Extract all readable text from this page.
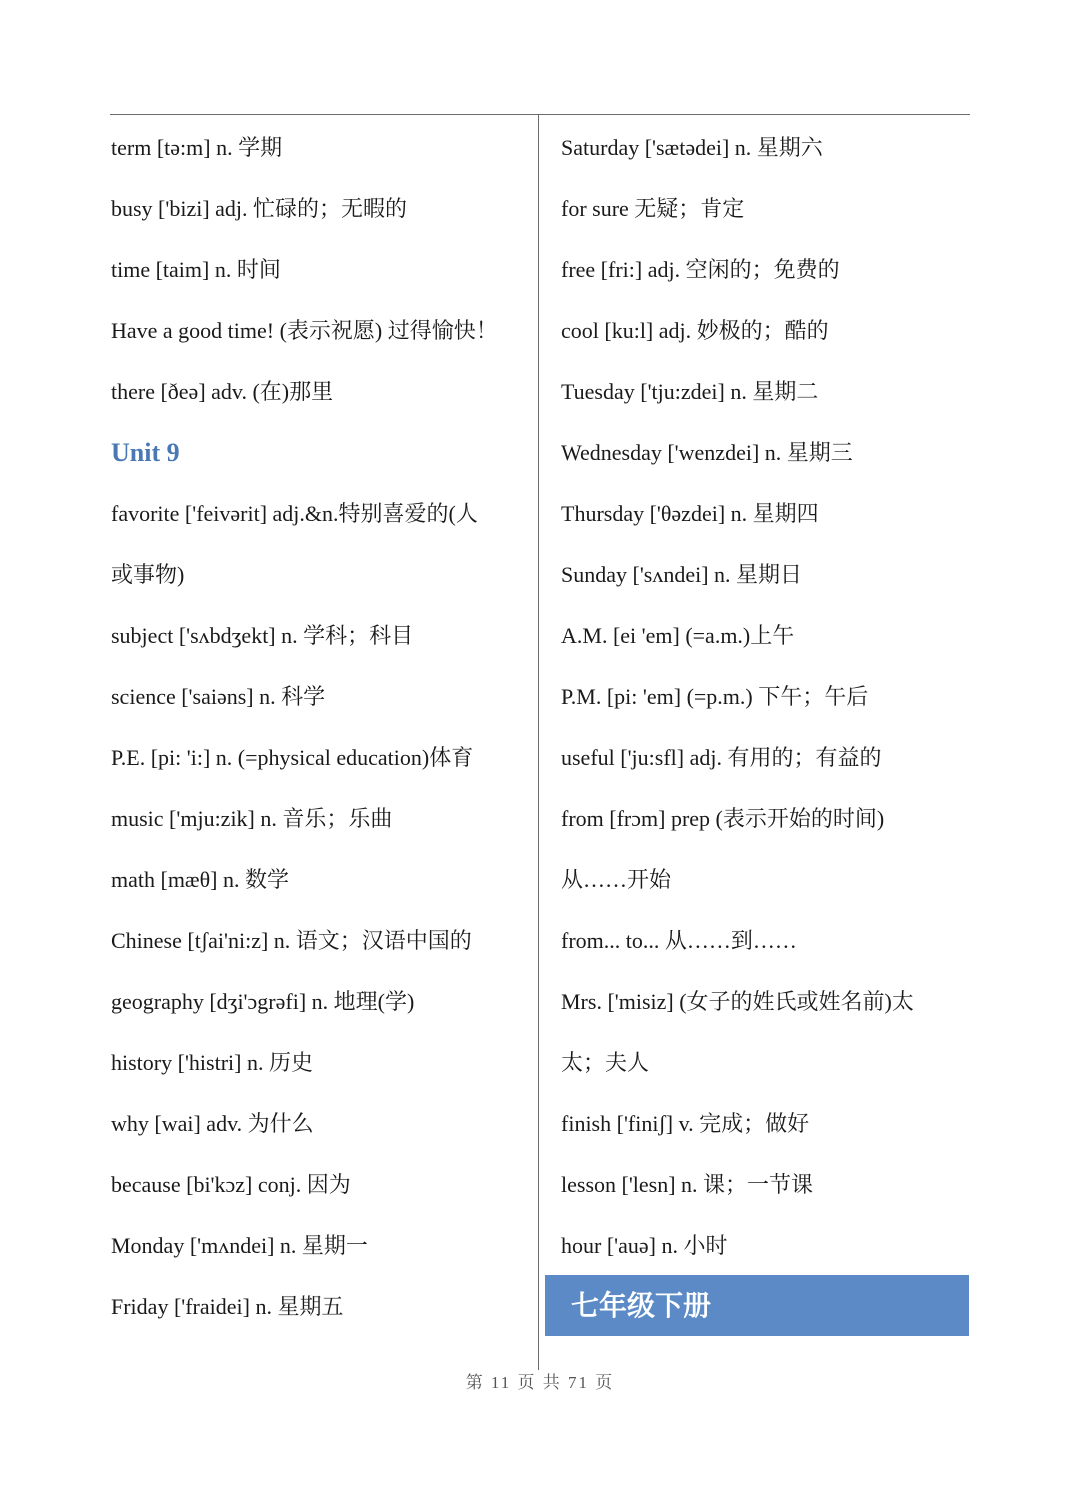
term [tə:m] n. 学期
busy ['bizi] adj. 忙碌的；无暇的
time [taim] n. 时间
Have a good time! (表示祝愿) 过得愉快！
there [ðeə] adv. (在)那里
Unit 9
favorite ['feivərit] adj.&n.特别喜爱的(人
或事物)
subject ['sʌbdʒekt] n. 学科；科目
science ['saiəns] n. 科学
P.E. [pi: 'i:] n. (=physical education)体育
music ['mju:zik] n. 音乐；乐曲
math [mæθ] n. 数学
Chinese [tʃai'ni:z] n. 语文；汉语中国的
geography [dʒi'ɔgrəfi] n. 地理(学)
history ['histri] n. 历史
why [wai] adv. 为什么
because [bi'kɔz] conj. 因为
Monday ['mʌndei] n. 星期一
Friday ['fraidei] n. 星期五
Saturday ['sætədei] n. 星期六
for sure 无疑；肯定
free [fri:] adj. 空闲的；免费的
cool [ku:l] adj. 妙极的；酷的
Tuesday ['tju:zdei] n. 星期二
Wednesday ['wenzdei] n. 星期三
Thursday ['θəzdei] n. 星期四
Sunday ['sʌndei] n. 星期日
A.M. [ei 'em] (=a.m.)上午
P.M. [pi: 'em] (=p.m.) 下午；午后
useful ['ju:sfl] adj. 有用的；有益的
from [frɔm] prep (表示开始的时间)
从……开始
from... to... 从……到……
Mrs. ['misiz] (女子的姓氏或姓名前)太
太；夫人
finish ['finiʃ] v. 完成；做好
lesson ['lesn] n. 课；一节课
hour ['auə] n. 小时
七年级下册
第 11 页 共 71 页
